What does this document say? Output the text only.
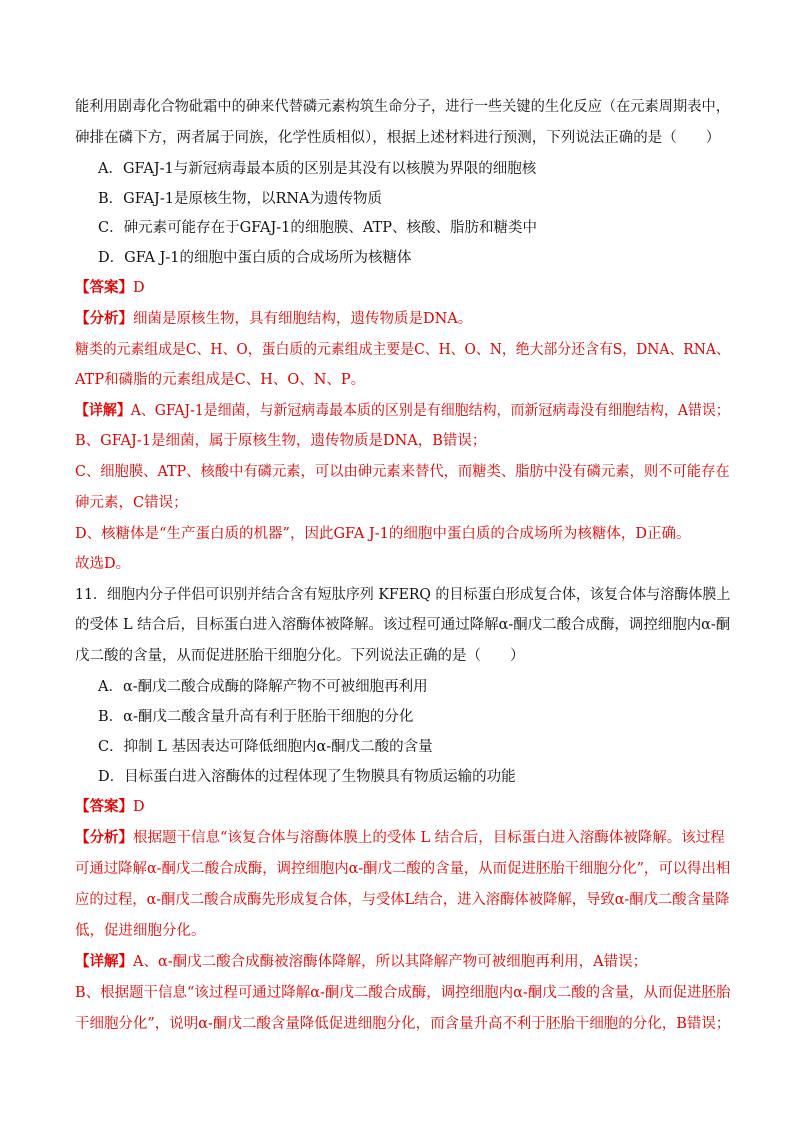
能利用剧毒化合物砒霜中的砷来代替磷元素构筑生命分子，进行一些关键的生化反应（在元素周期表中，
砷排在磷下方，两者属于同族，化学性质相似），根据上述材料进行预测，下列说法正确的是（　　）
A．GFAJ-1与新冠病毒最本质的区别是其没有以核膜为界限的细胞核
B．GFAJ-1是原核生物，以RNA为遗传物质
C．砷元素可能存在于GFAJ-1的细胞膜、ATP、核酸、脂肪和糖类中
D．GFA J-1的细胞中蛋白质的合成场所为核糖体
【答案】D
【分析】细菌是原核生物，具有细胞结构，遗传物质是DNA。
糖类的元素组成是C、H、O，蛋白质的元素组成主要是C、H、O、N，绝大部分还含有S，DNA、RNA、
ATP和磷脂的元素组成是C、H、O、N、P。
【详解】A、GFAJ-1是细菌，与新冠病毒最本质的区别是有细胞结构，而新冠病毒没有细胞结构，A错误；
B、GFAJ-1是细菌，属于原核生物，遗传物质是DNA，B错误；
C、细胞膜、ATP、核酸中有磷元素，可以由砷元素来替代，而糖类、脂肪中没有磷元素，则不可能存在
砷元素，C错误；
D、核糖体是“生产蛋白质的机器”，因此GFA J-1的细胞中蛋白质的合成场所为核糖体，D正确。
故选D。
11．细胞内分子伴侣可识别并结合含有短肽序列 KFERQ 的目标蛋白形成复合体，该复合体与溶酶体膜上
的受体 L 结合后，目标蛋白进入溶酶体被降解。该过程可通过降解α-酮戊二酸合成酶，调控细胞内α-酮
戊二酸的含量，从而促进胚胎干细胞分化。下列说法正确的是（　　）
A．α-酮戊二酸合成酶的降解产物不可被细胞再利用
B．α-酮戊二酸含量升高有利于胚胎干细胞的分化
C．抑制 L 基因表达可降低细胞内α-酮戊二酸的含量
D．目标蛋白进入溶酶体的过程体现了生物膜具有物质运输的功能
【答案】D
【分析】根据题干信息“该复合体与溶酶体膜上的受体 L 结合后，目标蛋白进入溶酶体被降解。该过程
可通过降解α-酮戊二酸合成酶，调控细胞内α-酮戊二酸的含量，从而促进胚胎干细胞分化”，可以得出相
应的过程，α-酮戊二酸合成酶先形成复合体，与受体L结合，进入溶酶体被降解，导致α-酮戊二酸含量降
低，促进细胞分化。
【详解】A、α-酮戊二酸合成酶被溶酶体降解，所以其降解产物可被细胞再利用，A错误；
B、根据题干信息“该过程可通过降解α-酮戊二酸合成酶，调控细胞内α-酮戊二酸的含量，从而促进胚胎
干细胞分化”，说明α-酮戊二酸含量降低促进细胞分化，而含量升高不利于胚胎干细胞的分化，B错误；
